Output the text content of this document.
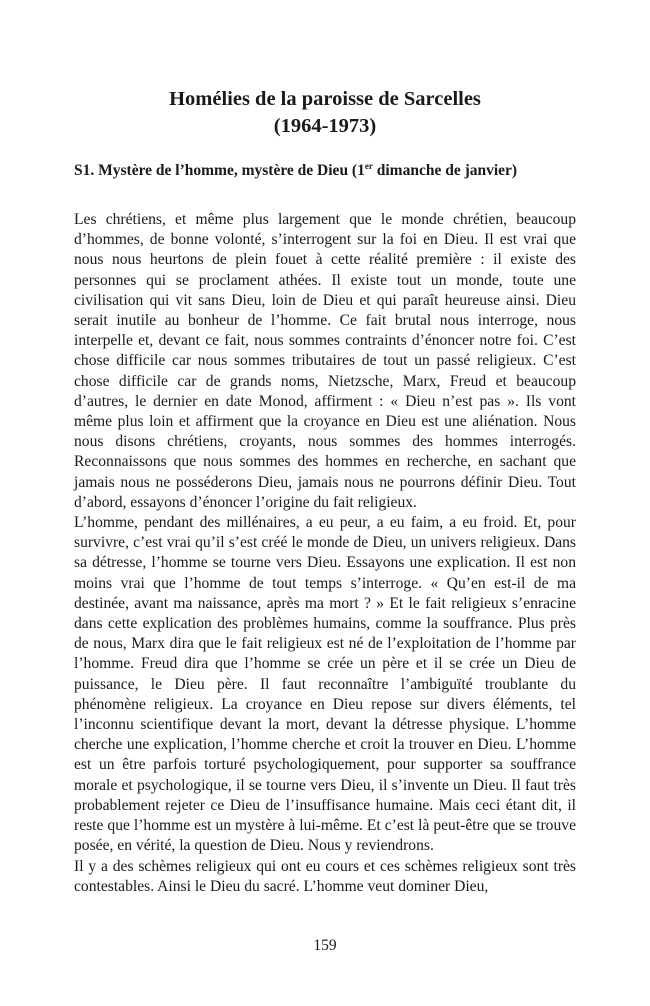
Homélies de la paroisse de Sarcelles
(1964-1973)
S1. Mystère de l’homme, mystère de Dieu (1er dimanche de janvier)

Les chrétiens, et même plus largement que le monde chrétien, beaucoup d’hommes, de bonne volonté, s’interrogent sur la foi en Dieu. Il est vrai que nous nous heurtons de plein fouet à cette réalité première : il existe des personnes qui se proclament athées. Il existe tout un monde, toute une civilisation qui vit sans Dieu, loin de Dieu et qui paraît heureuse ainsi. Dieu serait inutile au bonheur de l’homme. Ce fait brutal nous interroge, nous interpelle et, devant ce fait, nous sommes contraints d’énoncer notre foi. C’est chose difficile car nous sommes tributaires de tout un passé religieux. C’est chose difficile car de grands noms, Nietzsche, Marx, Freud et beaucoup d’autres, le dernier en date Monod, affirment : « Dieu n’est pas ». Ils vont même plus loin et affirment que la croyance en Dieu est une aliénation. Nous nous disons chrétiens, croyants, nous sommes des hommes interrogés. Reconnaissons que nous sommes des hommes en recherche, en sachant que jamais nous ne posséderons Dieu, jamais nous ne pourrons définir Dieu. Tout d’abord, essayons d’énoncer l’origine du fait religieux.

L’homme, pendant des millénaires, a eu peur, a eu faim, a eu froid. Et, pour survivre, c’est vrai qu’il s’est créé le monde de Dieu, un univers religieux. Dans sa détresse, l’homme se tourne vers Dieu. Essayons une explication. Il est non moins vrai que l’homme de tout temps s’interroge. « Qu’en est-il de ma destinée, avant ma naissance, après ma mort ? » Et le fait religieux s’enracine dans cette explication des problèmes humains, comme la souffrance. Plus près de nous, Marx dira que le fait religieux est né de l’exploitation de l’homme par l’homme. Freud dira que l’homme se crée un père et il se crée un Dieu de puissance, le Dieu père. Il faut reconnaître l’ambiguïté troublante du phénomène religieux. La croyance en Dieu repose sur divers éléments, tel l’inconnu scientifique devant la mort, devant la détresse physique. L’homme cherche une explication, l’homme cherche et croit la trouver en Dieu. L’homme est un être parfois torturé psychologiquement, pour supporter sa souffrance morale et psychologique, il se tourne vers Dieu, il s’invente un Dieu. Il faut très probablement rejeter ce Dieu de l’insuffisance humaine. Mais ceci étant dit, il reste que l’homme est un mystère à lui-même. Et c’est là peut-être que se trouve posée, en vérité, la question de Dieu. Nous y reviendrons.

Il y a des schèmes religieux qui ont eu cours et ces schèmes religieux sont très contestables. Ainsi le Dieu du sacré. L’homme veut dominer Dieu,

159
